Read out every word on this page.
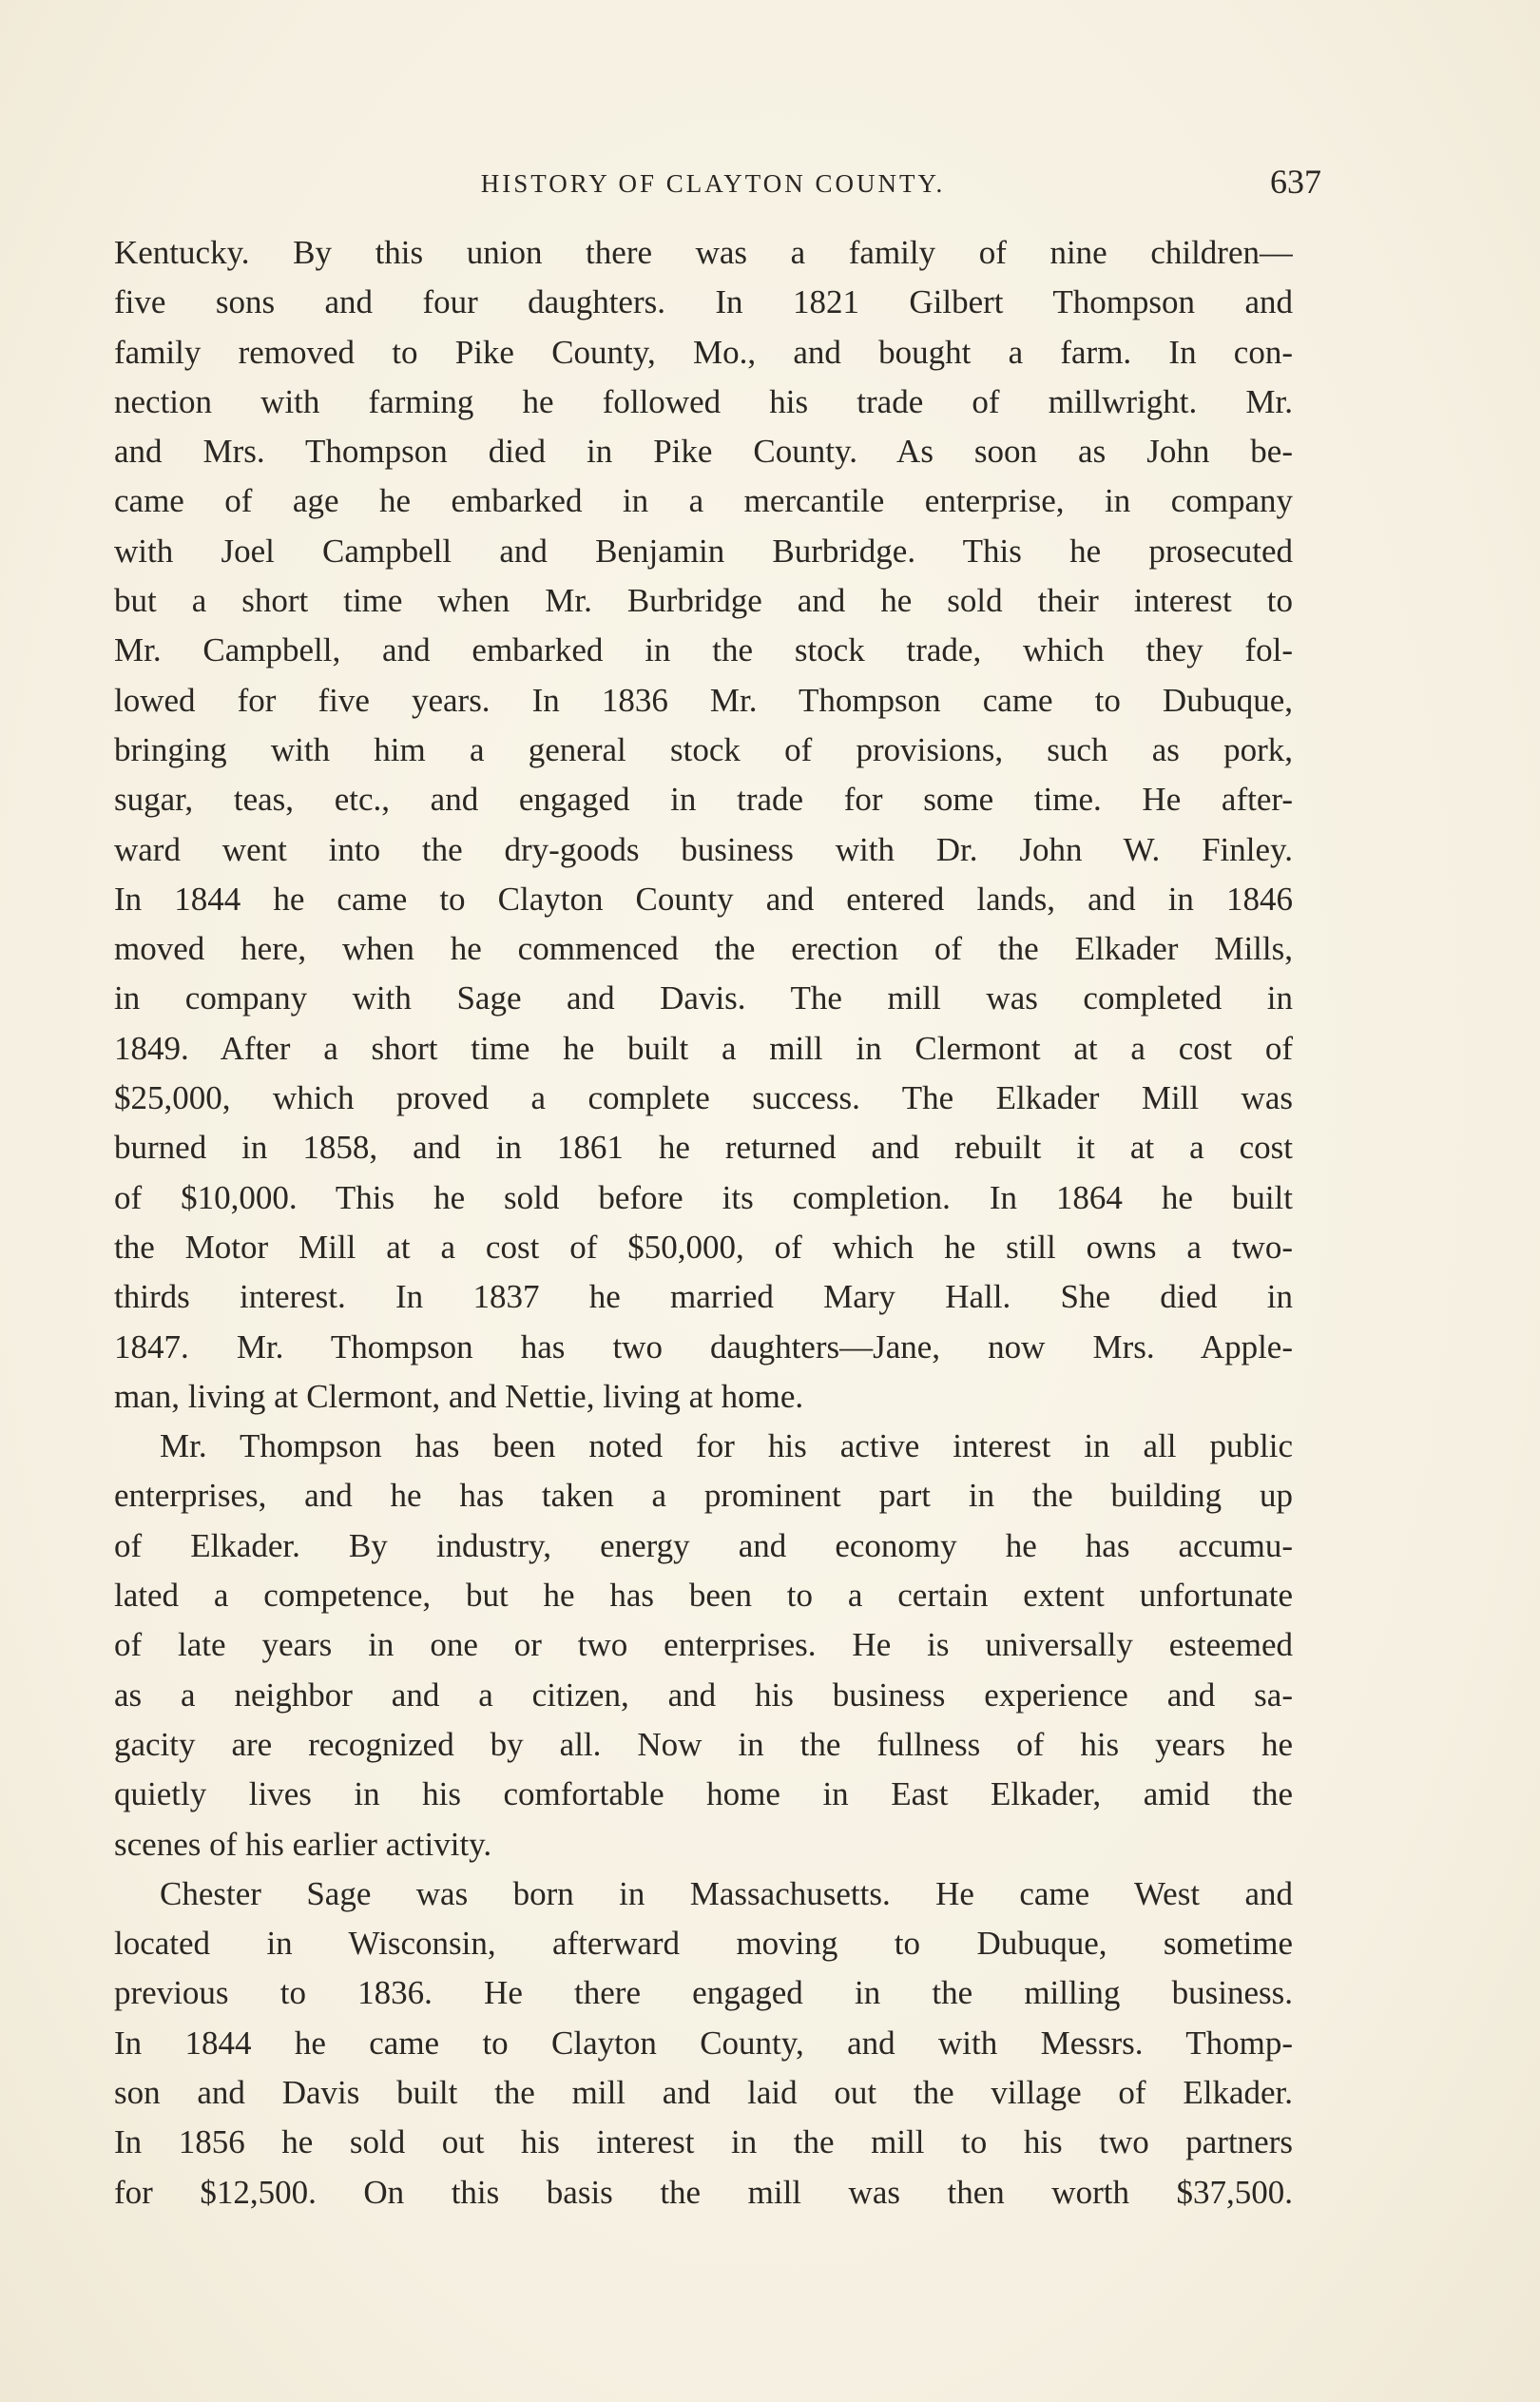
HISTORY OF CLAYTON COUNTY.	637
Kentucky. By this union there was a family of nine children—
five sons and four daughters. In 1821 Gilbert Thompson and
family removed to Pike County, Mo., and bought a farm. In con-
nection with farming he followed his trade of millwright. Mr.
and Mrs. Thompson died in Pike County. As soon as John be-
came of age he embarked in a mercantile enterprise, in company
with Joel Campbell and Benjamin Burbridge. This he prosecuted
but a short time when Mr. Burbridge and he sold their interest to
Mr. Campbell, and embarked in the stock trade, which they fol-
lowed for five years. In 1836 Mr. Thompson came to Dubuque,
bringing with him a general stock of provisions, such as pork,
sugar, teas, etc., and engaged in trade for some time. He after-
ward went into the dry-goods business with Dr. John W. Finley.
In 1844 he came to Clayton County and entered lands, and in 1846
moved here, when he commenced the erection of the Elkader Mills,
in company with Sage and Davis. The mill was completed in
1849. After a short time he built a mill in Clermont at a cost of
$25,000, which proved a complete success. The Elkader Mill was
burned in 1858, and in 1861 he returned and rebuilt it at a cost
of $10,000. This he sold before its completion. In 1864 he built
the Motor Mill at a cost of $50,000, of which he still owns a two-
thirds interest. In 1837 he married Mary Hall. She died in
1847. Mr. Thompson has two daughters—Jane, now Mrs. Apple-
man, living at Clermont, and Nettie, living at home.
Mr. Thompson has been noted for his active interest in all public
enterprises, and he has taken a prominent part in the building up
of Elkader. By industry, energy and economy he has accumu-
lated a competence, but he has been to a certain extent unfortunate
of late years in one or two enterprises. He is universally esteemed
as a neighbor and a citizen, and his business experience and sa-
gacity are recognized by all. Now in the fullness of his years he
quietly lives in his comfortable home in East Elkader, amid the
scenes of his earlier activity.
Chester Sage was born in Massachusetts. He came West and
located in Wisconsin, afterward moving to Dubuque, sometime
previous to 1836. He there engaged in the milling business.
In 1844 he came to Clayton County, and with Messrs. Thomp-
son and Davis built the mill and laid out the village of Elkader.
In 1856 he sold out his interest in the mill to his two partners
for $12,500. On this basis the mill was then worth $37,500.
